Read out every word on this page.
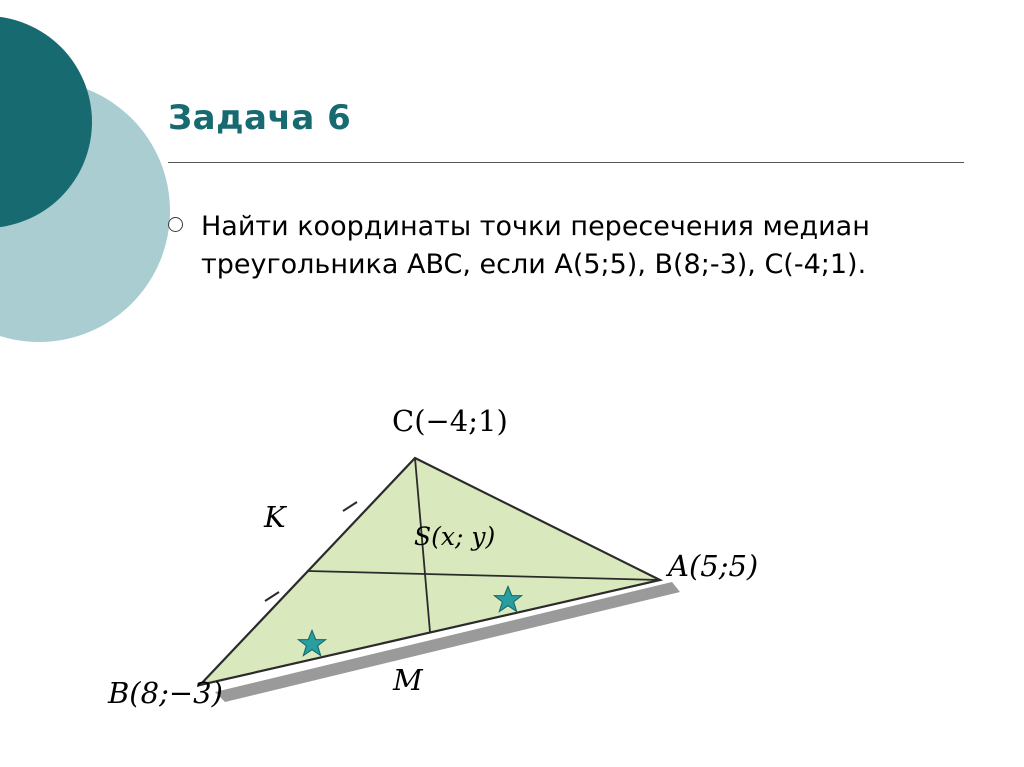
Задача 6
Найти координаты точки пересечения медиан треугольника ABC, если A(5;5), B(8;-3), C(-4;1).
C(−4;1)
A(5;5)
B(8;−3)
S(x; y)
K
M
